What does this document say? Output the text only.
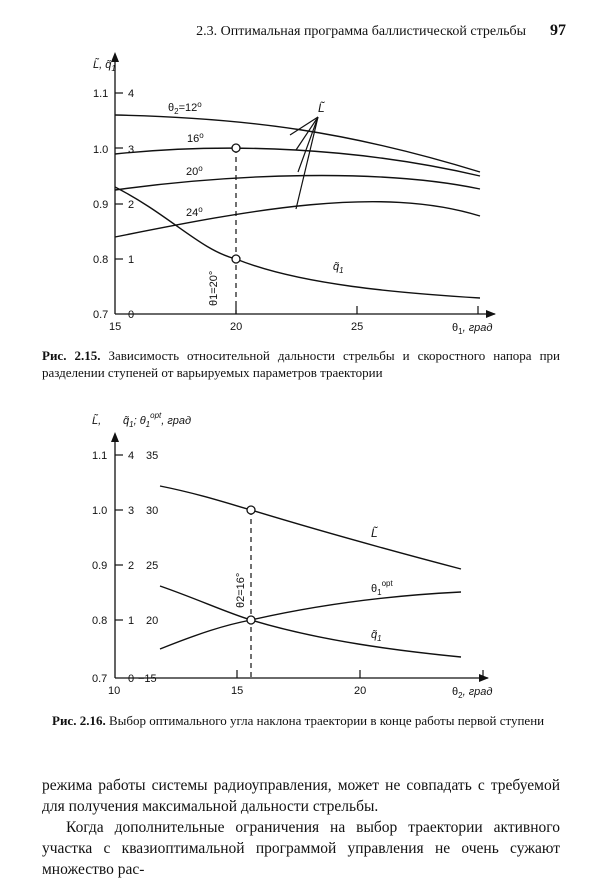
2.3. Оптимальная программа баллистической стрельбы 97
L̃, $q̃_1$
1.1
1.0
0.9
0.8
0.7
4
3
2
1
0
15	20	25	$\theta_1$, град
θ1=20°
$\theta_2=12^o$
16$^o$
20$^o$
24$^o$
L̃
$q̃_1$
Рис. 2.15. Зависимость относительной дальности стрельбы и скоростного напора при разделении ступеней от варьируемых параметров траектории
L̃, $q̃_1$; $\theta_1^{opt}$, град
1.1
1.0
0.9
0.8
0.7
4
3
2
1
0
35
30
25
20
−15
10	15	20	$\theta_2$, град
θ2=16°
L̃
$\theta_1^{opt}$
$q̃_1$
Рис. 2.16. Выбор оптимального угла наклона траектории в конце работы первой ступени

режима работы системы радиоуправления, может не совпадать с требуемой для получения максимальной дальности стрельбы.

Когда дополнительные ограничения на выбор траектории активного участка с квазиоптимальной программой управления не очень сужают множество рас-
